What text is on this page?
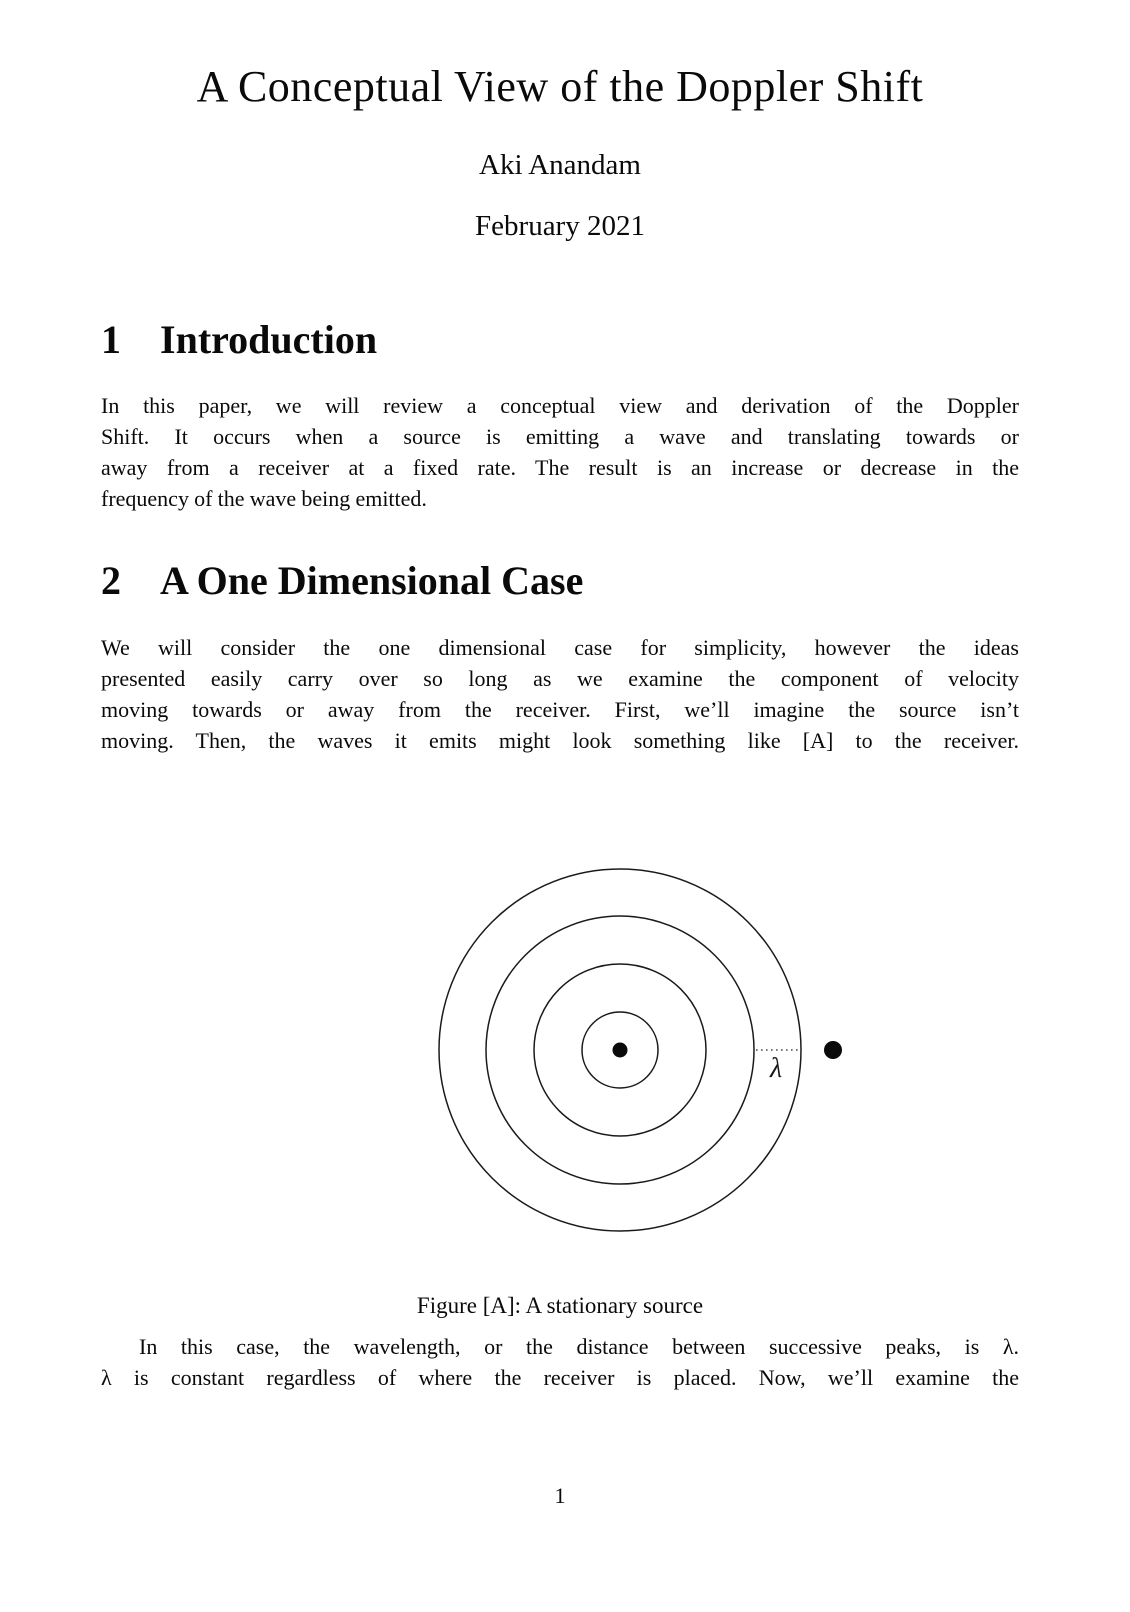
A Conceptual View of the Doppler Shift
Aki Anandam
February 2021
1 Introduction
In this paper, we will review a conceptual view and derivation of the Doppler
Shift. It occurs when a source is emitting a wave and translating towards or
away from a receiver at a fixed rate. The result is an increase or decrease in the
frequency of the wave being emitted.
2 A One Dimensional Case
We will consider the one dimensional case for simplicity, however the ideas
presented easily carry over so long as we examine the component of velocity
moving towards or away from the receiver. First, we’ll imagine the source isn’t
moving. Then, the waves it emits might look something like [A] to the receiver.
λ
Figure [A]: A stationary source
In this case, the wavelength, or the distance between successive peaks, is λ.
λ is constant regardless of where the receiver is placed. Now, we’ll examine the
1
